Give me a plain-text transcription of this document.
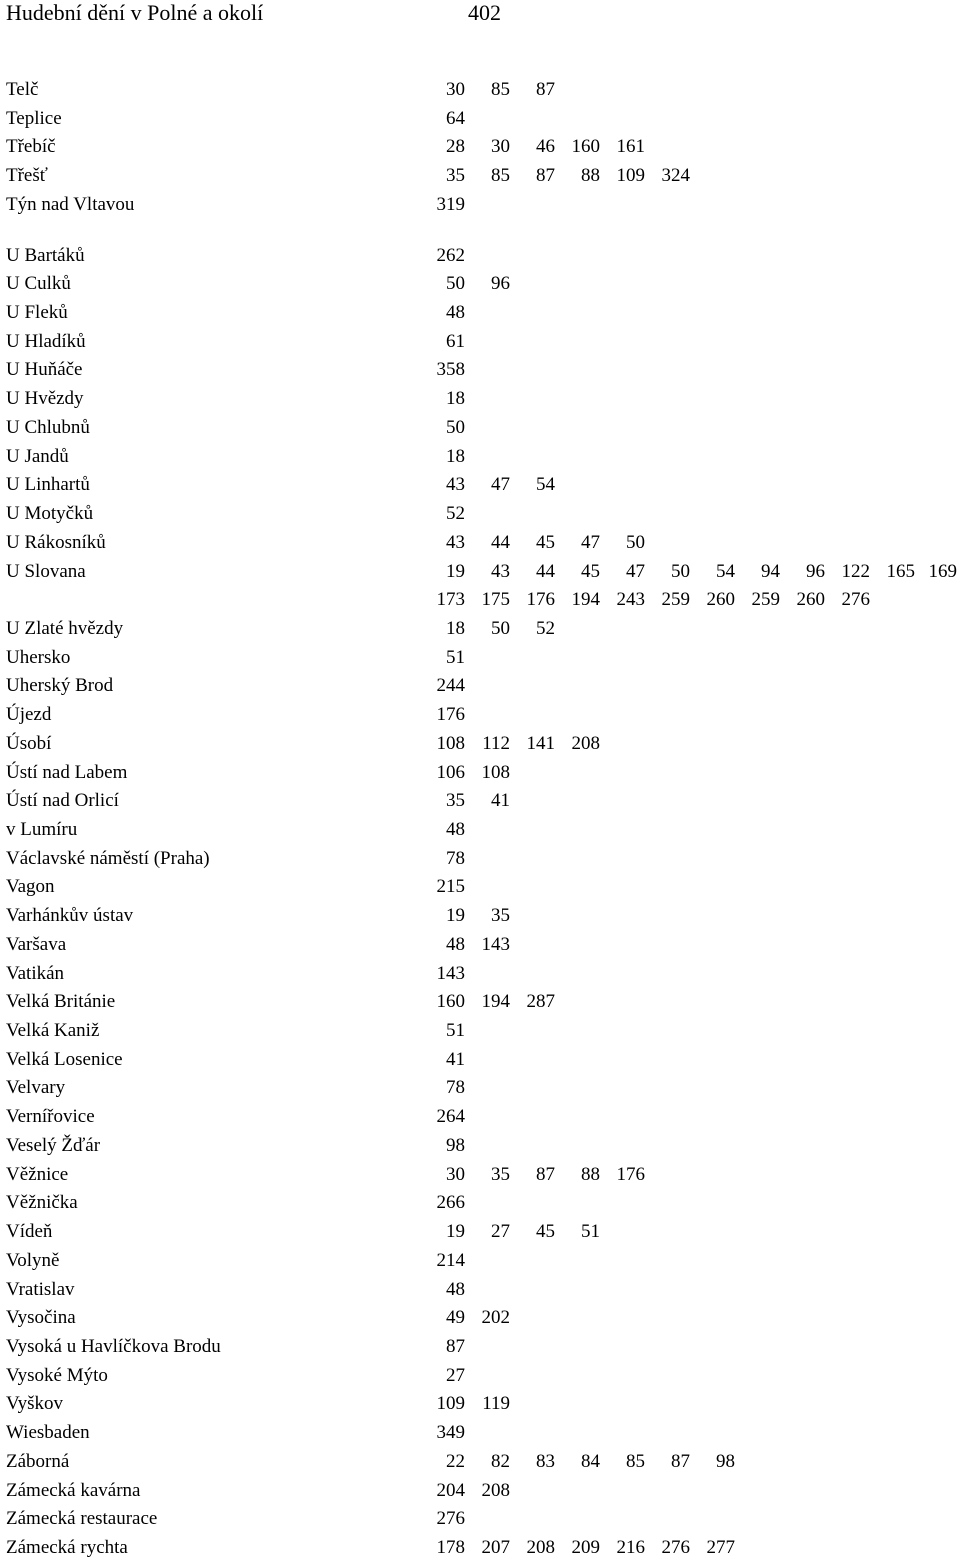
Hudební dění v Polné a okolí	402
Telč	30	85	87
Teplice	64
Třebíč	28	30	46 160 161
Třešť	35	85	87	88 109 324
Týn nad Vltavou	319
U Bartáků	262
U Culků	50	96
U Fleků	48
U Hladíků	61
U Huňáče	358
U Hvězdy	18
U Chlubnů	50
U Jandů	18
U Linhartů	43	47	54
U Motyčků	52
U Rákosníků	43	44	45	47	50
U Slovana	19	43	44	45	47	50	54	94	96 122 165 169
173 175 176 194 243 259 260 259 260 276
U Zlaté hvězdy	18	50	52
Uhersko	51
Uherský Brod	244
Újezd	176
Úsobí	108 112 141 208
Ústí nad Labem	106 108
Ústí nad Orlicí	35	41
v Lumíru	48
Václavské náměstí (Praha)	78
Vagon	215
Varhánkův ústav	19	35
Varšava	48 143
Vatikán	143
Velká Británie	160 194 287
Velká Kaniž	51
Velká Losenice	41
Velvary	78
Vernířovice	264
Veselý Žďár	98
Věžnice	30	35	87	88 176
Věžnička	266
Vídeň	19	27	45	51
Volyně	214
Vratislav	48
Vysočina	49 202
Vysoká u Havlíčkova Brodu	87
Vysoké Mýto	27
Vyškov	109 119
Wiesbaden	349
Záborná	22	82	83	84	85	87	98
Zámecká kavárna	204 208
Zámecká restaurace	276
Zámecká rychta	178 207 208 209 216 276 277
